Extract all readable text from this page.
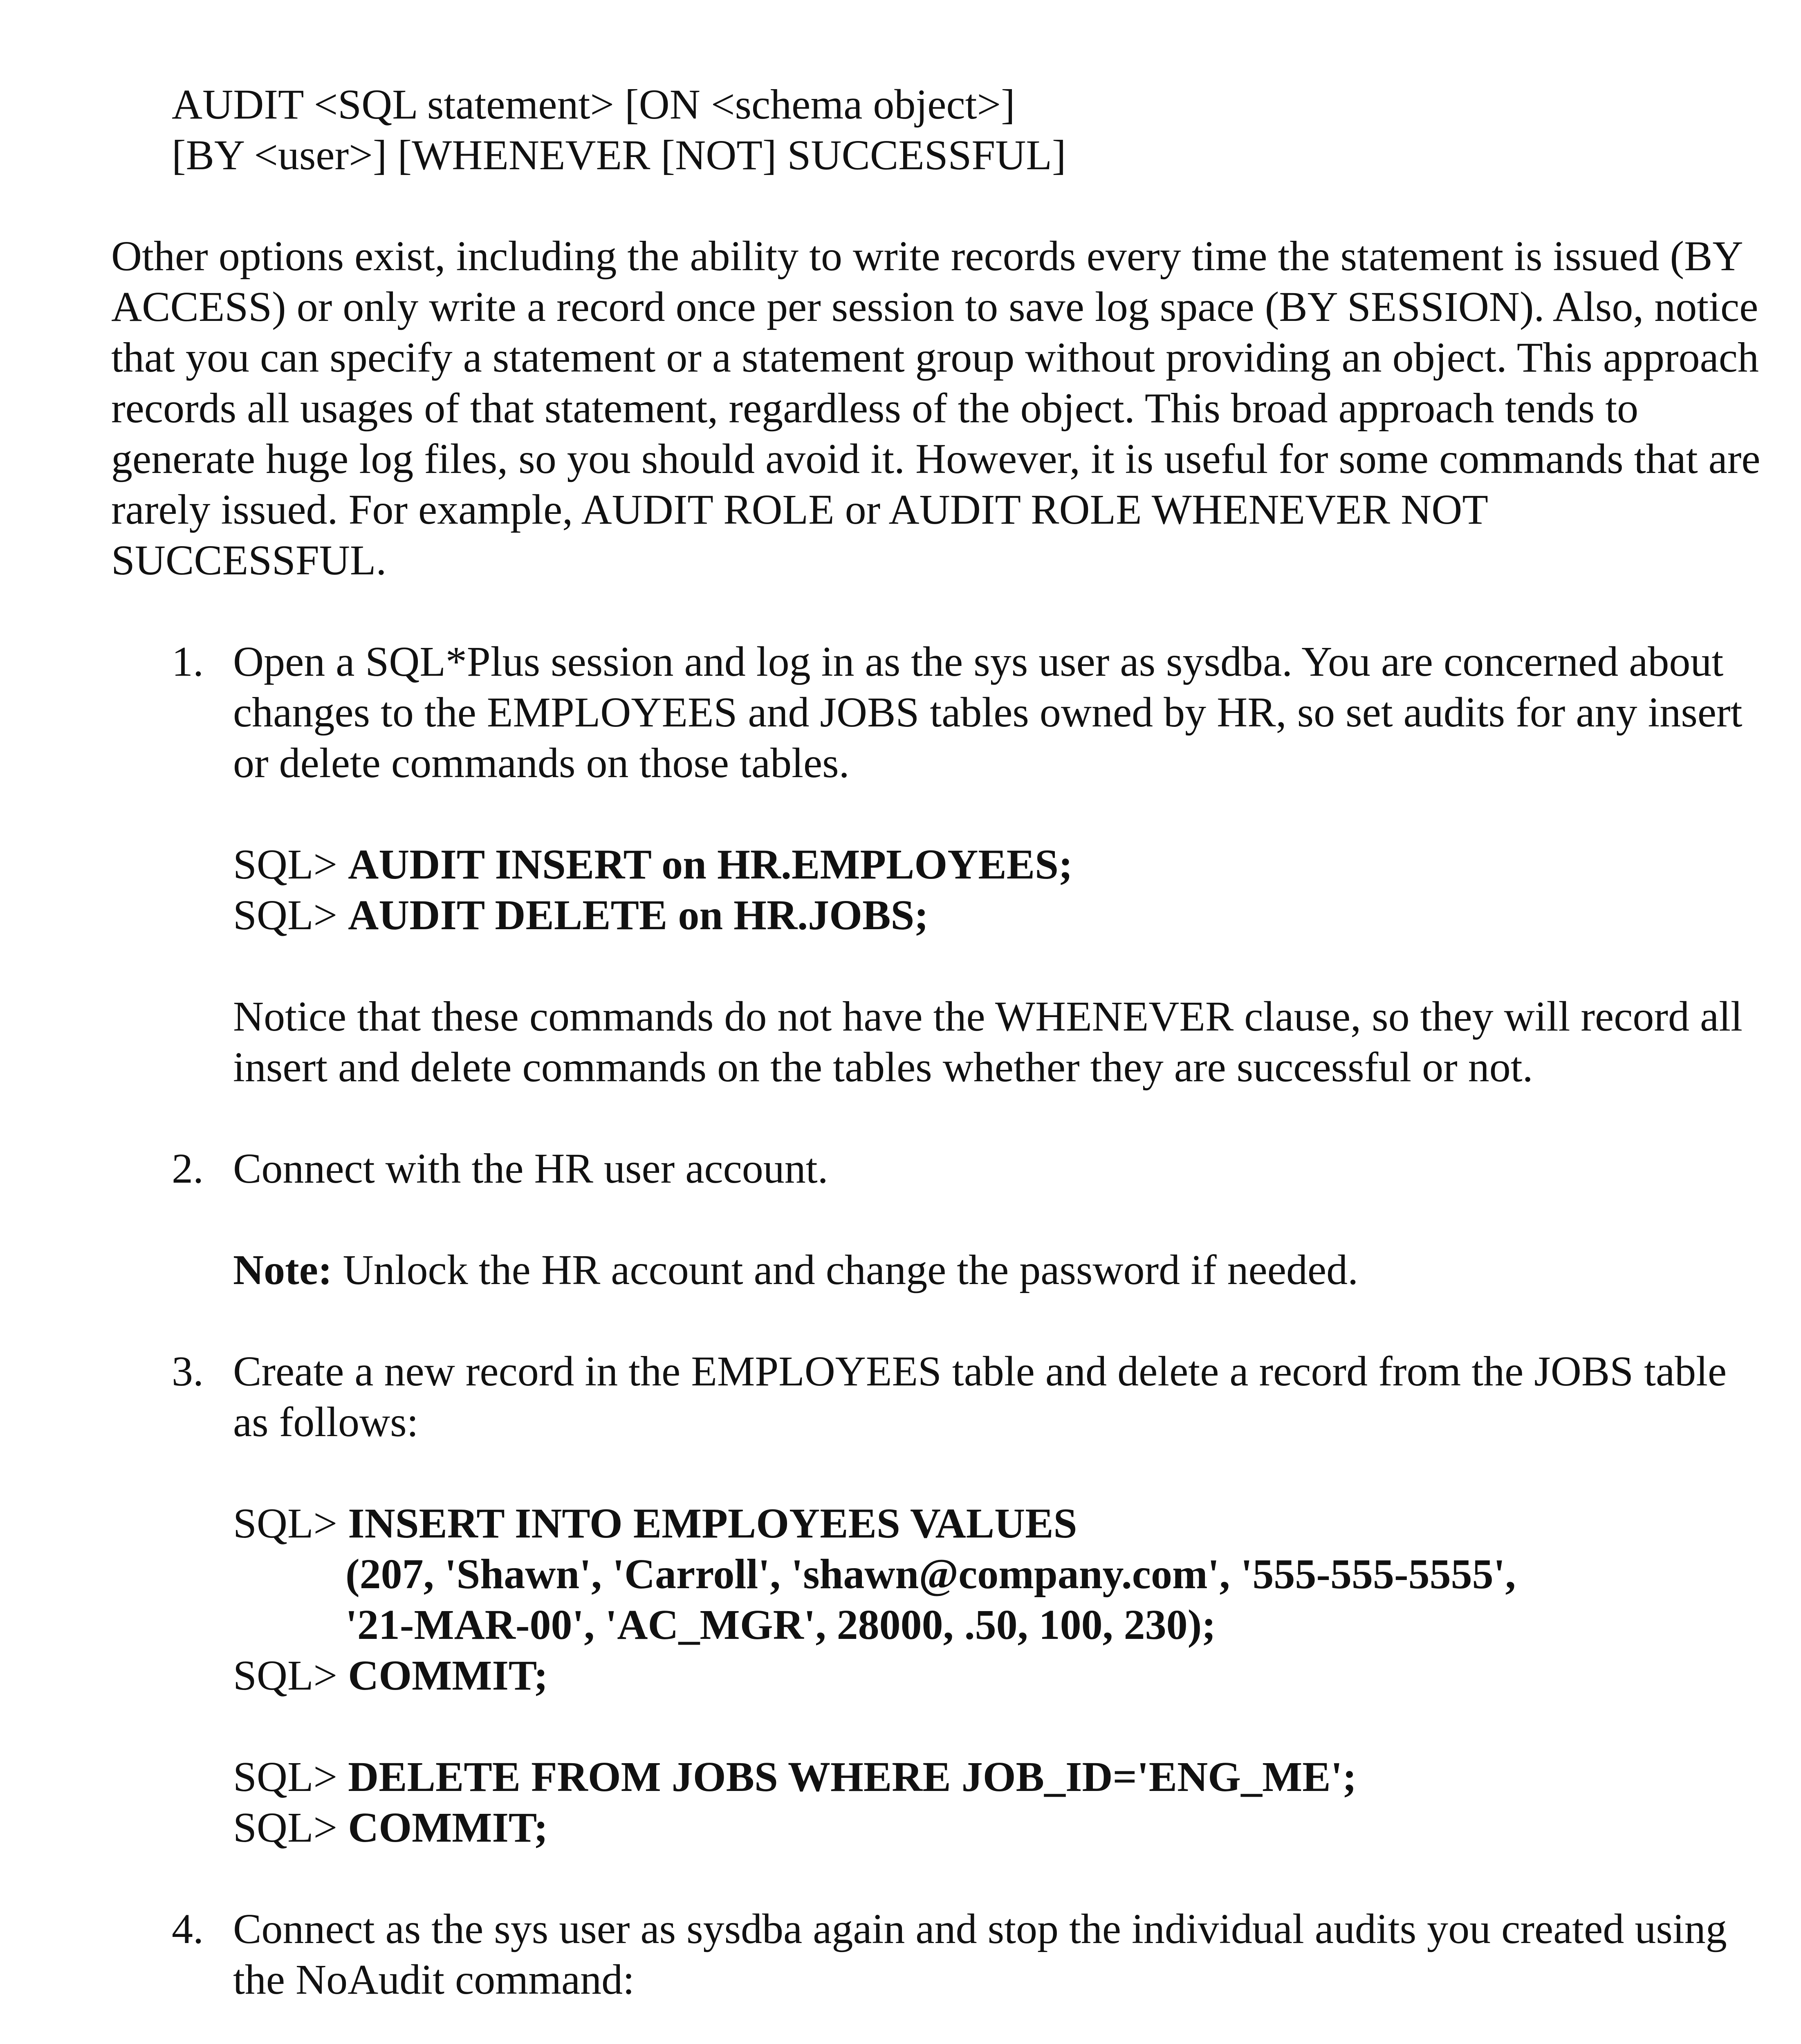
AUDIT <SQL statement> [ON <schema object>]
[BY <user>] [WHENEVER [NOT] SUCCESSFUL]
Other options exist, including the ability to write records every time the statement is issued (BY
ACCESS) or only write a record once per session to save log space (BY SESSION). Also, notice
that you can specify a statement or a statement group without providing an object. This approach
records all usages of that statement, regardless of the object. This broad approach tends to
generate huge log files, so you should avoid it. However, it is useful for some commands that are
rarely issued. For example, AUDIT ROLE or AUDIT ROLE WHENEVER NOT
SUCCESSFUL.
1. Open a SQL*Plus session and log in as the sys user as sysdba. You are concerned about
changes to the EMPLOYEES and JOBS tables owned by HR, so set audits for any insert
or delete commands on those tables.
SQL> AUDIT INSERT on HR.EMPLOYEES;
SQL> AUDIT DELETE on HR.JOBS;
Notice that these commands do not have the WHENEVER clause, so they will record all
insert and delete commands on the tables whether they are successful or not.
2. Connect with the HR user account.
Note: Unlock the HR account and change the password if needed.
3. Create a new record in the EMPLOYEES table and delete a record from the JOBS table
as follows:
SQL> INSERT INTO EMPLOYEES VALUES
(207, 'Shawn', 'Carroll', 'shawn@company.com', '555-555-5555',
'21-MAR-00', 'AC_MGR', 28000, .50, 100, 230);
SQL> COMMIT;
SQL> DELETE FROM JOBS WHERE JOB_ID='ENG_ME';
SQL> COMMIT;
4. Connect as the sys user as sysdba again and stop the individual audits you created using
the NoAudit command:
